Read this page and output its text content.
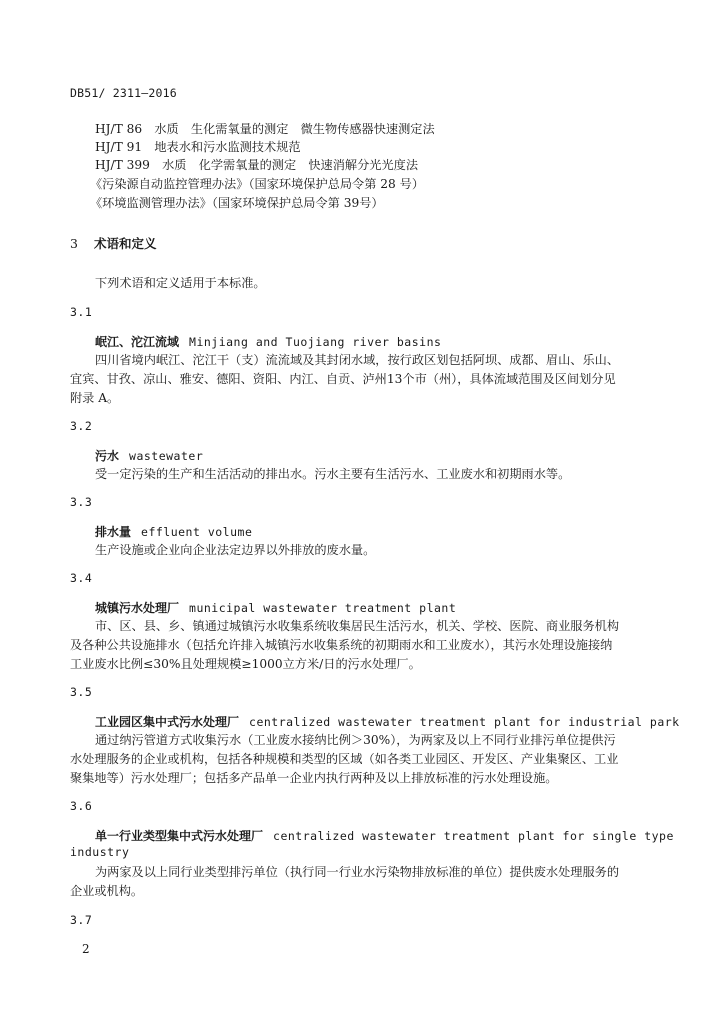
DB51/ 2311—2016
HJ/T 86　水质　生化需氧量的测定　微生物传感器快速测定法
HJ/T 91　地表水和污水监测技术规范
HJ/T 399　水质　化学需氧量的测定　快速消解分光光度法
《污染源自动监控管理办法》（国家环境保护总局令第 28 号）
《环境监测管理办法》（国家环境保护总局令第 39号）
3 术语和定义
下列术语和定义适用于本标准。
3.1
岷江、沱江流域 Minjiang and Tuojiang river basins
四川省境内岷江、沱江干（支）流流域及其封闭水域，按行政区划包括阿坝、成都、眉山、乐山、
宜宾、甘孜、凉山、雅安、德阳、资阳、内江、自贡、泸州13个市（州），具体流域范围及区间划分见
附录 A。
3.2
污水 wastewater
受一定污染的生产和生活活动的排出水。污水主要有生活污水、工业废水和初期雨水等。
3.3
排水量 effluent volume
生产设施或企业向企业法定边界以外排放的废水量。
3.4
城镇污水处理厂 municipal wastewater treatment plant
市、区、县、乡、镇通过城镇污水收集系统收集居民生活污水，机关、学校、医院、商业服务机构
及各种公共设施排水（包括允许排入城镇污水收集系统的初期雨水和工业废水），其污水处理设施接纳
工业废水比例≤30%且处理规模≥1000立方米/日的污水处理厂。
3.5
工业园区集中式污水处理厂 centralized wastewater treatment plant for industrial park
通过纳污管道方式收集污水（工业废水接纳比例＞30%），为两家及以上不同行业排污单位提供污
水处理服务的企业或机构，包括各种规模和类型的区域（如各类工业园区、开发区、产业集聚区、工业
聚集地等）污水处理厂；包括多产品单一企业内执行两种及以上排放标准的污水处理设施。
3.6
单一行业类型集中式污水处理厂 centralized wastewater treatment plant for single type
industry
为两家及以上同行业类型排污单位（执行同一行业水污染物排放标准的单位）提供废水处理服务的
企业或机构。
3.7
2
